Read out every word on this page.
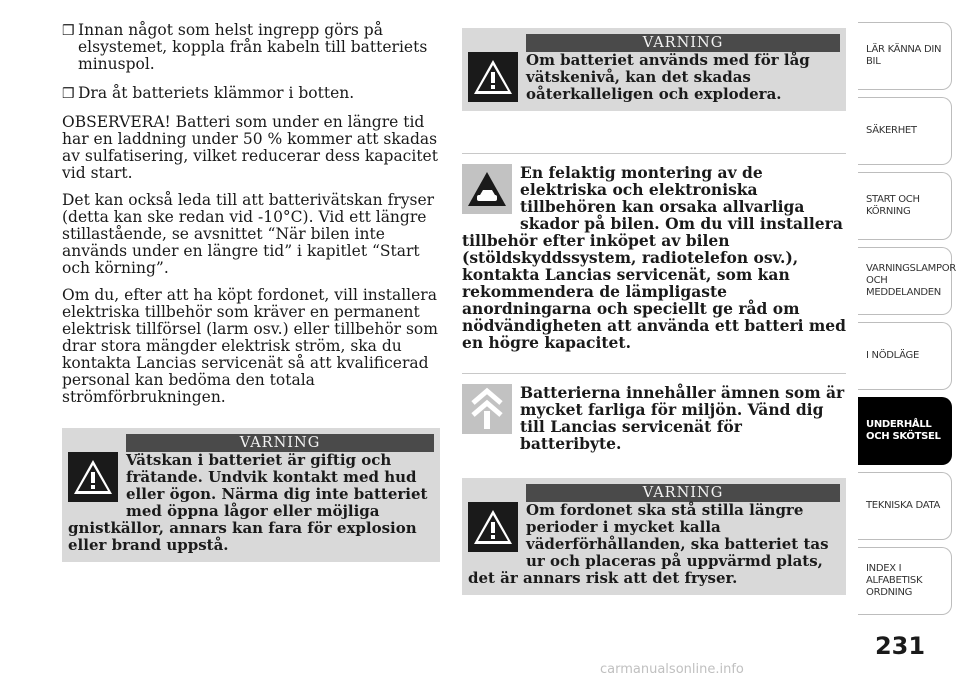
❒ Innan något som helst ingrepp görs på elsystemet, koppla från kabeln till batteriets minuspol.
❒ Dra åt batteriets klämmor i botten.

OBSERVERA! Batteri som under en längre tid har en laddning under 50 % kommer att skadas av sulfatisering, vilket reducerar dess kapacitet vid start.

Det kan också leda till att batterivätskan fryser (detta kan ske redan vid -10°C). Vid ett längre stillastående, se avsnittet “När bilen inte används under en längre tid” i kapitlet “Start och körning”.

Om du, efter att ha köpt fordonet, vill installera elektriska tillbehör som kräver en permanent elektrisk tillförsel (larm osv.) eller tillbehör som drar stora mängder elektrisk ström, ska du kontakta Lancias servicenät så att kvalificerad personal kan bedöma den totala strömförbrukningen.

VARNING
Vätskan i batteriet är giftig och frätande. Undvik kontakt med hud eller ögon. Närma dig inte batteriet med öppna lågor eller möjliga gnistkällor, annars kan fara för explosion eller brand uppstå.
VARNING
Om batteriet används med för låg vätskenivå, kan det skadas oåterkalleligen och explodera.
En felaktig montering av de elektriska och elektroniska tillbehören kan orsaka allvarliga skador på bilen. Om du vill installera tillbehör efter inköpet av bilen (stöldskyddssystem, radiotelefon osv.), kontakta Lancias servicenät, som kan rekommendera de lämpligaste anordningarna och speciellt ge råd om nödvändigheten att använda ett batteri med en högre kapacitet.
Batterierna innehåller ämnen som är mycket farliga för miljön. Vänd dig till Lancias servicenät för batteribyte.
VARNING
Om fordonet ska stå stilla längre perioder i mycket kalla väderförhållanden, ska batteriet tas ur och placeras på uppvärmd plats, det är annars risk att det fryser.
LÄR KÄNNA DIN BIL
SÄKERHET
START OCH KÖRNING
VARNINGSLAMPOR OCH MEDDELANDEN
I NÖDLÄGE
UNDERHÅLL OCH SKÖTSEL
TEKNISKA DATA
INDEX I ALFABETISK ORDNING
231
carmanualsonline.info
